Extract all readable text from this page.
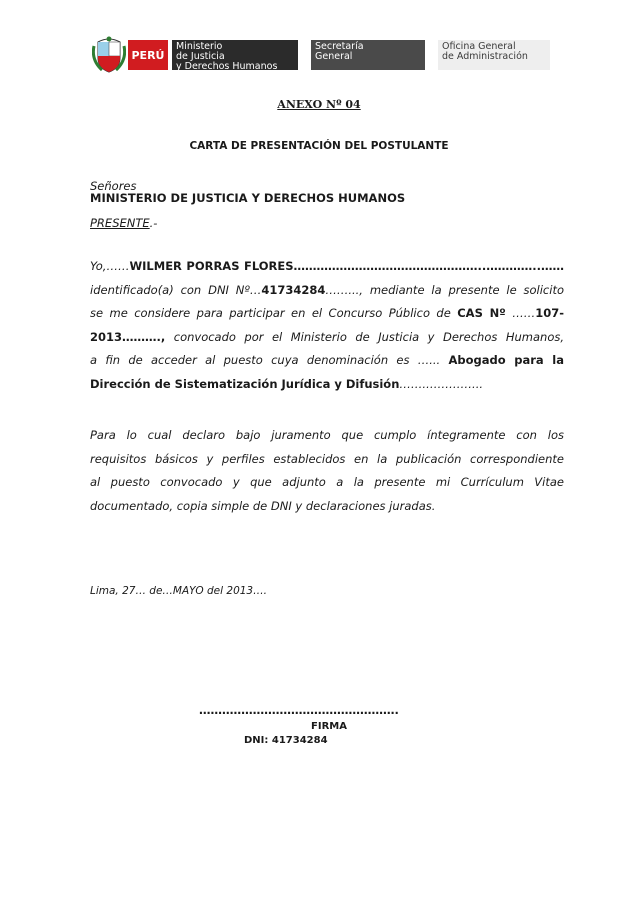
PERÚ
Ministerio
de Justicia
y Derechos Humanos
Secretaría
General
Oficina General
de Administración
ANEXO Nº 04
CARTA DE PRESENTACIÓN DEL POSTULANTE
Señores
MINISTERIO DE JUSTICIA Y DERECHOS HUMANOS
PRESENTE.-
Yo,……WILMER PORRAS FLORES…………………………………………..…………..……
identificado(a) con DNI Nº…41734284……..., mediante la presente le solicito
se me considere para participar en el Concurso Público de CAS Nº ……107-
2013………., convocado por el Ministerio de Justicia y Derechos Humanos,
a fin de acceder al puesto cuya denominación es …... Abogado para la
Dirección de Sistematización Jurídica y Difusión…….…………...
Para lo cual declaro bajo juramento que cumplo íntegramente con los
requisitos básicos y perfiles establecidos en la publicación correspondiente
al puesto convocado y que adjunto a la presente mi Currículum Vitae
documentado, copia simple de DNI y declaraciones juradas.
Lima, 27… de…MAYO del 2013….
…………………………………………….
FIRMA
DNI: 41734284
